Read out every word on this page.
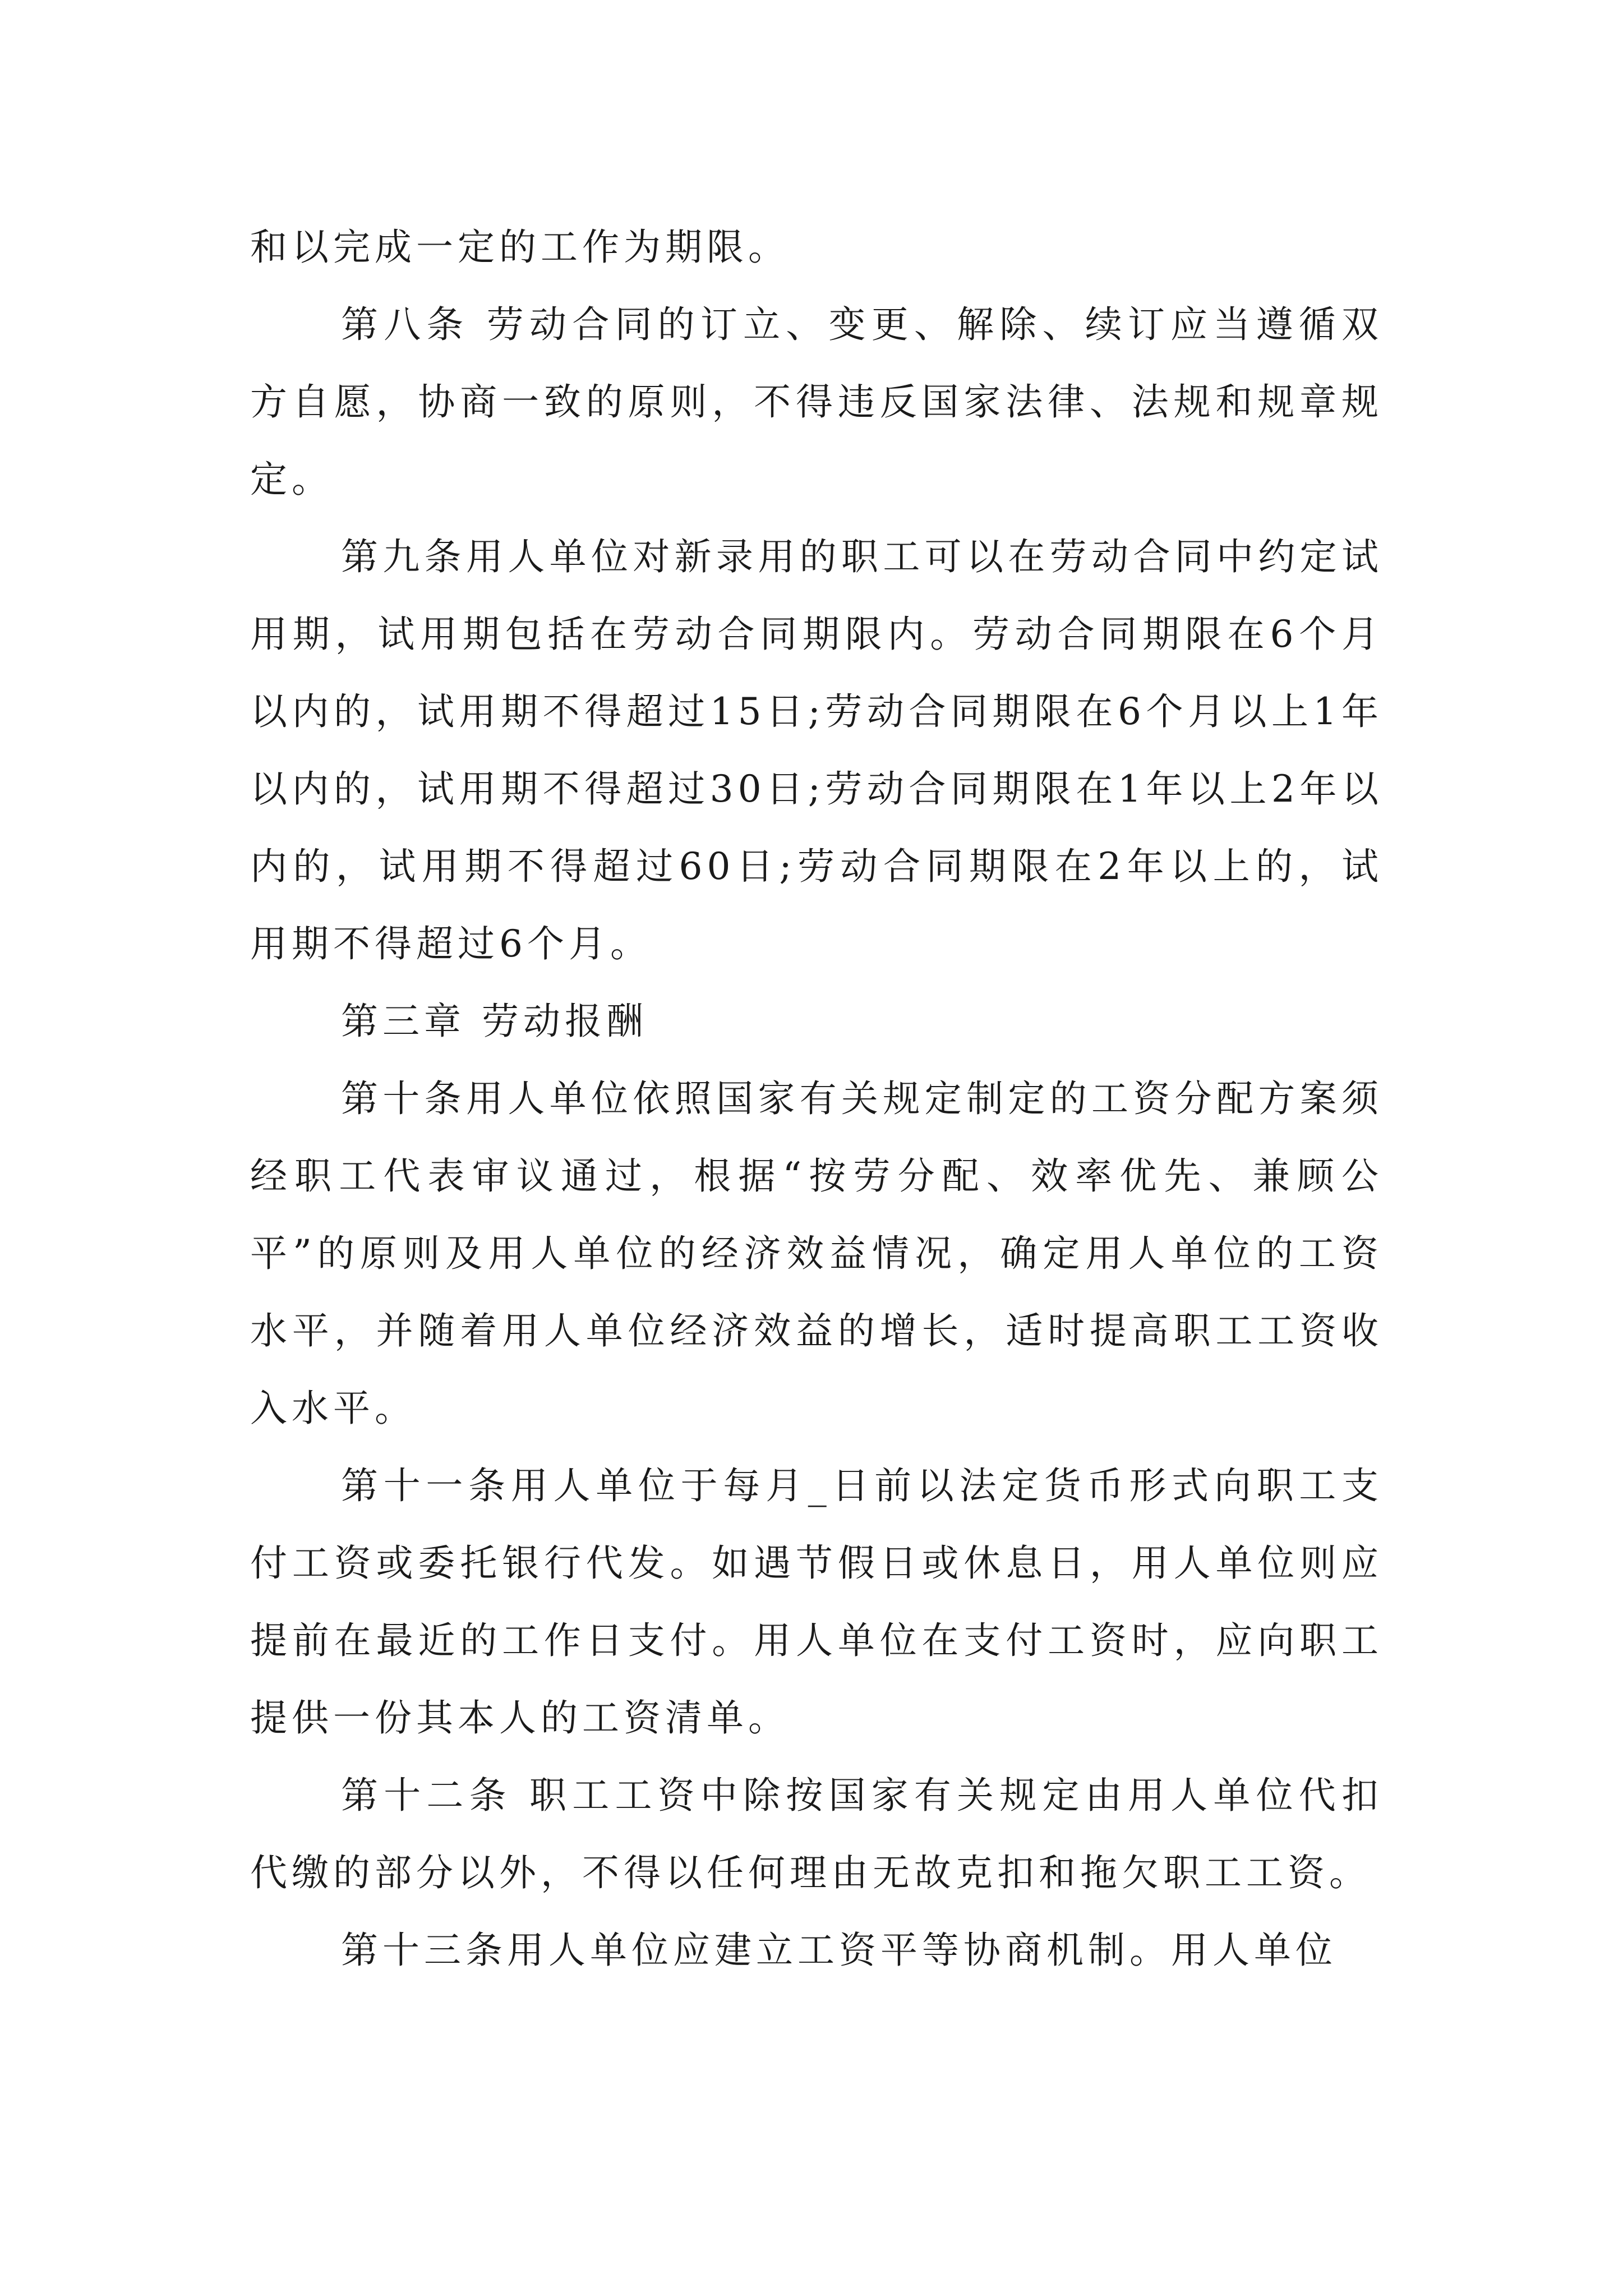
和以完成一定的工作为期限。

第八条 劳动合同的订立、变更、解除、续订应当遵循双方自愿，协商一致的原则，不得违反国家法律、法规和规章规定。

第九条用人单位对新录用的职工可以在劳动合同中约定试用期，试用期包括在劳动合同期限内。劳动合同期限在6个月以内的，试用期不得超过15日;劳动合同期限在6个月以上1年以内的，试用期不得超过30日;劳动合同期限在1年以上2年以内的，试用期不得超过60日;劳动合同期限在2年以上的，试用期不得超过6个月。

第三章 劳动报酬

第十条用人单位依照国家有关规定制定的工资分配方案须经职工代表审议通过，根据“按劳分配、效率优先、兼顾公平”的原则及用人单位的经济效益情况，确定用人单位的工资水平，并随着用人单位经济效益的增长，适时提高职工工资收入水平。

第十一条用人单位于每月_日前以法定货币形式向职工支付工资或委托银行代发。如遇节假日或休息日，用人单位则应提前在最近的工作日支付。用人单位在支付工资时，应向职工提供一份其本人的工资清单。

第十二条 职工工资中除按国家有关规定由用人单位代扣代缴的部分以外，不得以任何理由无故克扣和拖欠职工工资。

第十三条用人单位应建立工资平等协商机制。用人单位
